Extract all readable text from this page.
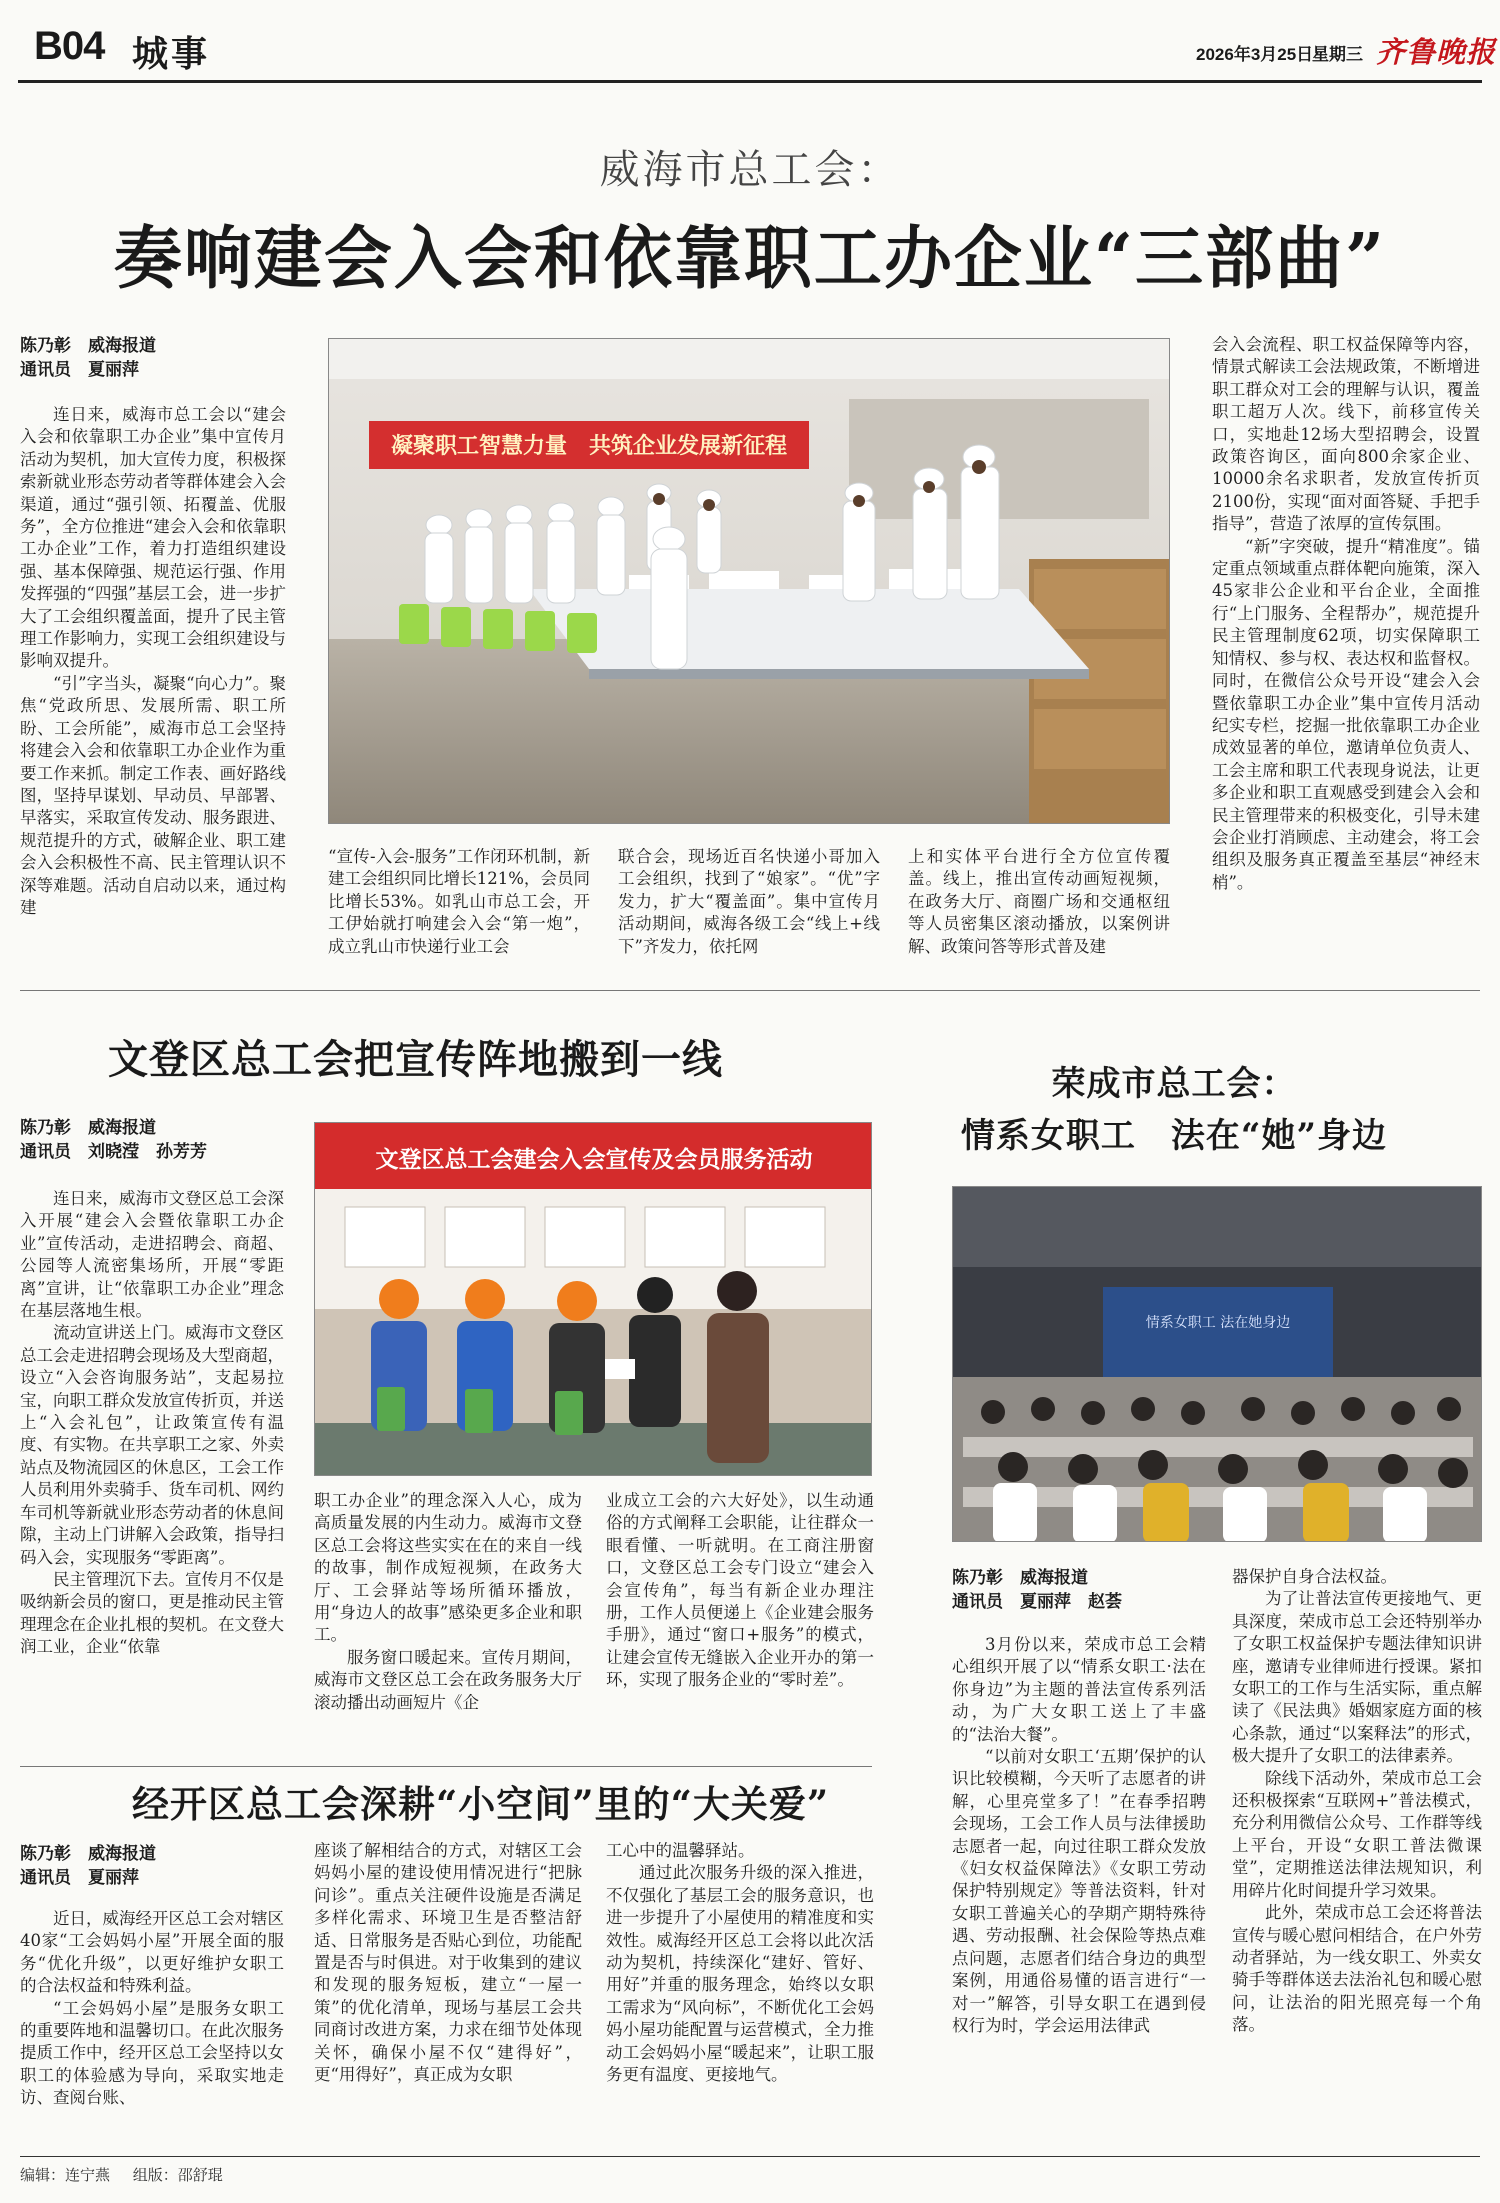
B04 城事	2026年3月25日
星期三 齐鲁晚报
威海市总工会：
奏响建会入会和依靠职工办企业“三部曲”
陈乃彰　威海报道
通讯员　夏丽萍

连日来，威海市总工会以“建会入会和依靠职工办企业”集中宣传月活动为契机，加大宣传力度，积极探索新就业形态劳动者等群体建会入会渠道，通过“强引领、拓覆盖、优服务”，全方位推进“建会入会和依靠职工办企业”工作，着力打造组织建设强、基本保障强、规范运行强、作用发挥强的“四强”基层工会，进一步扩大了工会组织覆盖面，提升了民主管理工作影响力，实现工会组织建设与影响双提升。

“引”字当头，凝聚“向心力”。聚焦“党政所思、发展所需、职工所盼、工会所能”，威海市总工会坚持将建会入会和依靠职工办企业作为重要工作来抓。制定工作表、画好路线图，坚持早谋划、早动员、早部署、早落实，采取宣传发动、服务跟进、规范提升的方式，破解企业、职工建会入会积极性不高、民主管理认识不深等难题。活动自启动以来，通过构建

凝聚职工智慧力量　共筑企业发展新征程

“宣传-入会-服务”工作闭环机制，新建工会组织同比增长121%，会员同比增长53%。如乳山市总工会，开工伊始就打响建会入会“第一炮”，成立乳山市快递行业工会

联合会，现场近百名快递小哥加入工会组织，找到了“娘家”。“优”字发力，扩大“覆盖面”。集中宣传月活动期间，威海各级工会“线上+线下”齐发力，依托网

上和实体平台进行全方位宣传覆盖。线上，推出宣传动画短视频，在政务大厅、商圈广场和交通枢纽等人员密集区滚动播放，以案例讲解、政策问答等形式普及建

会入会流程、职工权益保障等内容，情景式解读工会法规政策，不断增进职工群众对工会的理解与认识，覆盖职工超万人次。线下，前移宣传关口，实地赴12场大型招聘会，设置政策咨询区，面向800余家企业、10000余名求职者，发放宣传折页2100份，实现“面对面答疑、手把手指导”，营造了浓厚的宣传氛围。

“新”字突破，提升“精准度”。锚定重点领域重点群体靶向施策，深入45家非公企业和平台企业，全面推行“上门服务、全程帮办”，规范提升民主管理制度62项，切实保障职工知情权、参与权、表达权和监督权。同时，在微信公众号开设“建会入会暨依靠职工办企业”集中宣传月活动纪实专栏，挖掘一批依靠职工办企业成效显著的单位，邀请单位负责人、工会主席和职工代表现身说法，让更多企业和职工直观感受到建会入会和民主管理带来的积极变化，引导未建会企业打消顾虑、主动建会，将工会组织及服务真正覆盖至基层“神经末梢”。

文登区总工会把宣传阵地搬到一线
陈乃彰　威海报道
通讯员　刘晓滢　孙芳芳

连日来，威海市文登区总工会深入开展“建会入会暨依靠职工办企业”宣传活动，走进招聘会、商超、公园等人流密集场所，开展“零距离”宣讲，让“依靠职工办企业”理念在基层落地生根。

流动宣讲送上门。威海市文登区总工会走进招聘会现场及大型商超，设立“入会咨询服务站”，支起易拉宝，向职工群众发放宣传折页，并送上“入会礼包”，让政策宣传有温度、有实物。在共享职工之家、外卖站点及物流园区的休息区，工会工作人员利用外卖骑手、货车司机、网约车司机等新就业形态劳动者的休息间隙，主动上门讲解入会政策，指导扫码入会，实现服务“零距离”。

民主管理沉下去。宣传月不仅是吸纳新会员的窗口，更是推动民主管理理念在企业扎根的契机。在文登大润工业，企业“依靠

文登区总工会建会入会宣传及会员服务活动

职工办企业”的理念深入人心，成为高质量发展的内生动力。威海市文登区总工会将这些实实在在的来自一线的故事，制作成短视频，在政务大厅、工会驿站等场所循环播放，用“身边人的故事”感染更多企业和职工。

服务窗口暖起来。宣传月期间，威海市文登区总工会在政务服务大厅滚动播出动画短片《企

业成立工会的六大好处》，以生动通俗的方式阐释工会职能，让往群众一眼看懂、一听就明。在工商注册窗口，文登区总工会专门设立“建会入会宣传角”，每当有新企业办理注册，工作人员便递上《企业建会服务手册》，通过“窗口+服务”的模式，让建会宣传无缝嵌入企业开办的第一环，实现了服务企业的“零时差”。

经开区总工会深耕“小空间”里的“大关爱”
陈乃彰　威海报道
通讯员　夏丽萍

近日，威海经开区总工会对辖区40家“工会妈妈小屋”开展全面的服务“优化升级”，以更好维护女职工的合法权益和特殊利益。

“工会妈妈小屋”是服务女职工的重要阵地和温馨切口。在此次服务提质工作中，经开区总工会坚持以女职工的体验感为导向，采取实地走访、查阅台账、

座谈了解相结合的方式，对辖区工会妈妈小屋的建设使用情况进行“把脉问诊”。重点关注硬件设施是否满足多样化需求、环境卫生是否整洁舒适、日常服务是否贴心到位，功能配置是否与时俱进。对于收集到的建议和发现的服务短板，建立“一屋一策”的优化清单，现场与基层工会共同商讨改进方案，力求在细节处体现关怀，确保小屋不仅“建得好”，更“用得好”，真正成为女职

工心中的温馨驿站。

通过此次服务升级的深入推进，不仅强化了基层工会的服务意识，也进一步提升了小屋使用的精准度和实效性。威海经开区总工会将以此次活动为契机，持续深化“建好、管好、用好”并重的服务理念，始终以女职工需求为“风向标”，不断优化工会妈妈小屋功能配置与运营模式，全力推动工会妈妈小屋“暖起来”，让职工服务更有温度、更接地气。

荣成市总工会：
情系女职工　法在“她”身边
情系女职工 法在她身边
陈乃彰　威海报道
通讯员　夏丽萍　赵荟

3月份以来，荣成市总工会精心组织开展了以“情系女职工·法在你身边”为主题的普法宣传系列活动，为广大女职工送上了丰盛的“法治大餐”。

“以前对女职工‘五期’保护的认识比较模糊，今天听了志愿者的讲解，心里亮堂多了！”在春季招聘会现场，工会工作人员与法律援助志愿者一起，向过往职工群众发放《妇女权益保障法》《女职工劳动保护特别规定》等普法资料，针对女职工普遍关心的孕期产期特殊待遇、劳动报酬、社会保险等热点难点问题，志愿者们结合身边的典型案例，用通俗易懂的语言进行“一对一”解答，引导女职工在遇到侵权行为时，学会运用法律武

器保护自身合法权益。

为了让普法宣传更接地气、更具深度，荣成市总工会还特别举办了女职工权益保护专题法律知识讲座，邀请专业律师进行授课。紧扣女职工的工作与生活实际，重点解读了《民法典》婚姻家庭方面的核心条款，通过“以案释法”的形式，极大提升了女职工的法律素养。

除线下活动外，荣成市总工会还积极探索“互联网+”普法模式，充分利用微信公众号、工作群等线上平台，开设“女职工普法微课堂”，定期推送法律法规知识，利用碎片化时间提升学习效果。

此外，荣成市总工会还将普法宣传与暖心慰问相结合，在户外劳动者驿站，为一线女职工、外卖女骑手等群体送去法治礼包和暖心慰问，让法治的阳光照亮每一个角落。

编辑：连宁燕 组版：邵舒琨
